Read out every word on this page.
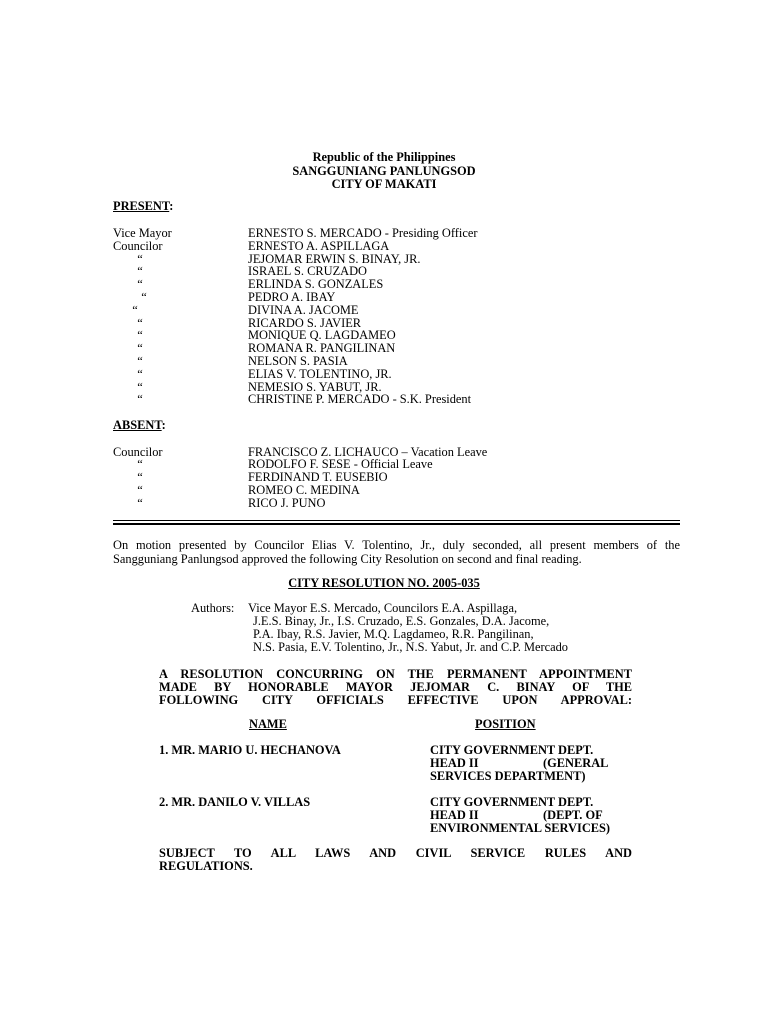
Republic of the Philippines
SANGGUNIANG PANLUNGSOD
CITY OF MAKATI
PRESENT:
Vice Mayor	ERNESTO S. MERCADO - Presiding Officer
Councilor	ERNESTO A. ASPILLAGA
“	JEJOMAR ERWIN S. BINAY, JR.
“	ISRAEL S. CRUZADO
“	ERLINDA S. GONZALES
“	PEDRO A. IBAY
“	DIVINA A. JACOME
“	RICARDO S. JAVIER
“	MONIQUE Q. LAGDAMEO
“	ROMANA R. PANGILINAN
“	NELSON S. PASIA
“	ELIAS V. TOLENTINO, JR.
“	NEMESIO S. YABUT, JR.
“	CHRISTINE P. MERCADO - S.K. President
ABSENT:
Councilor	FRANCISCO Z. LICHAUCO – Vacation Leave
“	RODOLFO F. SESE - Official Leave
“	FERDINAND T. EUSEBIO
“	ROMEO C. MEDINA
“	RICO J. PUNO
On motion presented by Councilor Elias V. Tolentino, Jr., duly seconded, all present members of the
Sangguniang Panlungsod approved the following City Resolution on second and final reading.
CITY RESOLUTION NO. 2005-035
Authors: Vice Mayor E.S. Mercado, Councilors E.A. Aspillaga,
J.E.S. Binay, Jr., I.S. Cruzado, E.S. Gonzales, D.A. Jacome,
P.A. Ibay, R.S. Javier, M.Q. Lagdameo, R.R. Pangilinan,
N.S. Pasia, E.V. Tolentino, Jr., N.S. Yabut, Jr. and C.P. Mercado
A RESOLUTION CONCURRING ON THE PERMANENT APPOINTMENT
MADE BY HONORABLE MAYOR JEJOMAR C. BINAY OF THE
FOLLOWING CITY OFFICIALS EFFECTIVE UPON APPROVAL:
NAME	POSITION
1. MR. MARIO U. HECHANOVA	CITY GOVERNMENT DEPT.
HEAD II	(GENERAL
SERVICES DEPARTMENT)
2. MR. DANILO V. VILLAS	CITY GOVERNMENT DEPT.
HEAD II	(DEPT. OF
ENVIRONMENTAL SERVICES)
SUBJECT TO ALL LAWS AND CIVIL SERVICE RULES AND
REGULATIONS.
